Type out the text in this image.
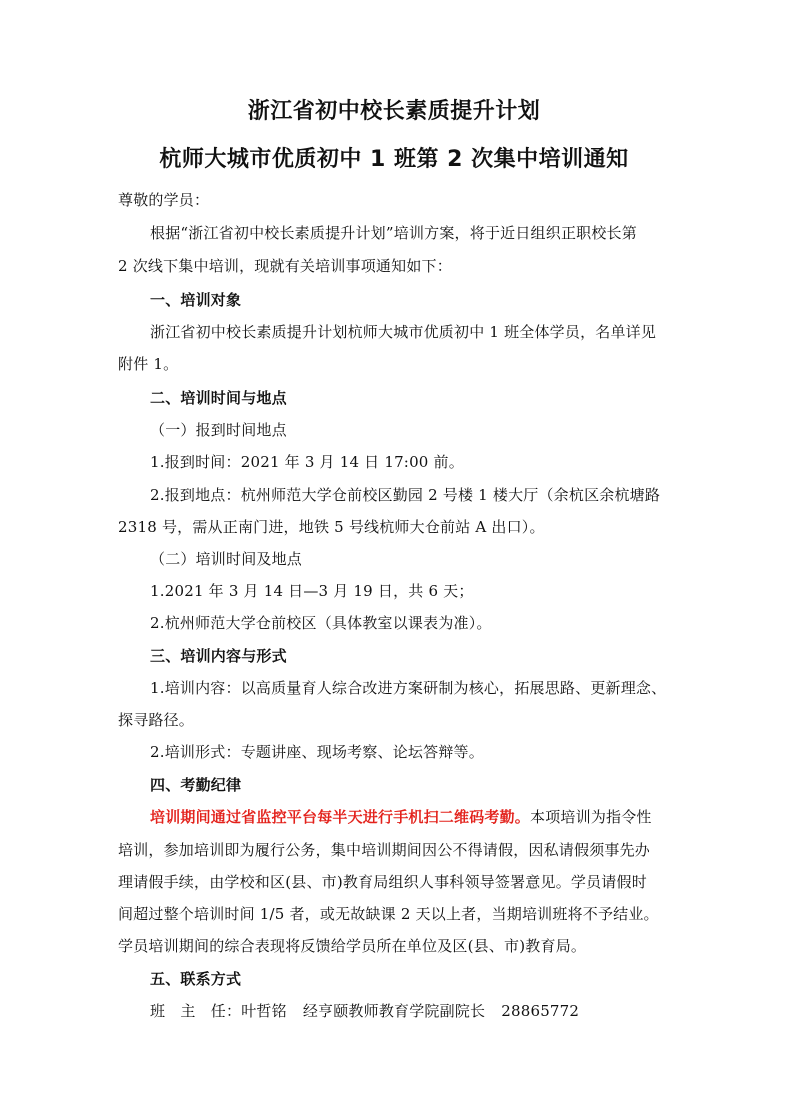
浙江省初中校长素质提升计划
杭师大城市优质初中 1 班第 2 次集中培训通知
尊敬的学员：
根据“浙江省初中校长素质提升计划”培训方案，将于近日组织正职校长第
2 次线下集中培训，现就有关培训事项通知如下：
一、培训对象
浙江省初中校长素质提升计划杭师大城市优质初中 1 班全体学员，名单详见
附件 1。
二、培训时间与地点
（一）报到时间地点
1.报到时间：2021 年 3 月 14 日 17:00 前。
2.报到地点：杭州师范大学仓前校区勤园 2 号楼 1 楼大厅（余杭区余杭塘路
2318 号，需从正南门进，地铁 5 号线杭师大仓前站 A 出口）。
（二）培训时间及地点
1.2021 年 3 月 14 日—3 月 19 日，共 6 天；
2.杭州师范大学仓前校区（具体教室以课表为准）。
三、培训内容与形式
1.培训内容：以高质量育人综合改进方案研制为核心，拓展思路、更新理念、
探寻路径。
2.培训形式：专题讲座、现场考察、论坛答辩等。
四、考勤纪律
培训期间通过省监控平台每半天进行手机扫二维码考勤。本项培训为指令性
培训，参加培训即为履行公务，集中培训期间因公不得请假，因私请假须事先办
理请假手续，由学校和区(县、市)教育局组织人事科领导签署意见。学员请假时
间超过整个培训时间 1/5 者，或无故缺课 2 天以上者，当期培训班将不予结业。
学员培训期间的综合表现将反馈给学员所在单位及区(县、市)教育局。
五、联系方式
班　主　任：叶哲铭 经亨颐教师教育学院副院长 28865772
